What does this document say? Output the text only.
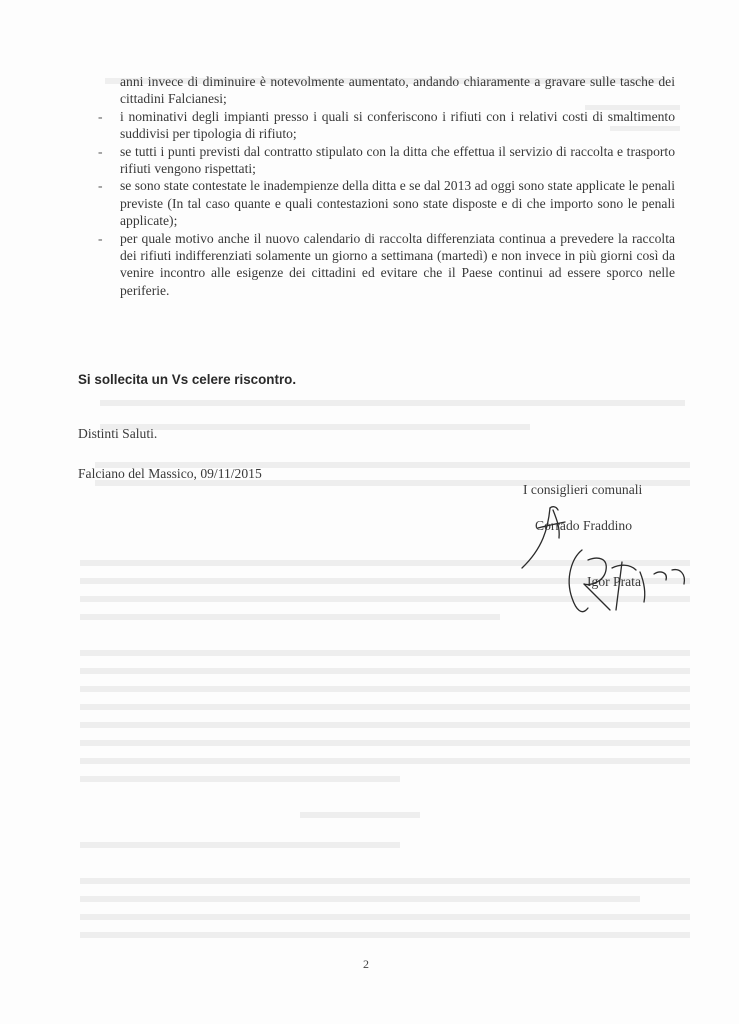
anni invece di diminuire è notevolmente aumentato, andando chiaramente a gravare sulle tasche dei cittadini Falcianesi;
- i nominativi degli impianti presso i quali si conferiscono i rifiuti con i relativi costi di smaltimento suddivisi per tipologia di rifiuto;
- se tutti i punti previsti dal contratto stipulato con la ditta che effettua il servizio di raccolta e trasporto rifiuti vengono rispettati;
- se sono state contestate le inadempienze della ditta e se dal 2013 ad oggi sono state applicate le penali previste (In tal caso quante e quali contestazioni sono state disposte e di che importo sono le penali applicate);
- per quale motivo anche il nuovo calendario di raccolta differenziata continua a prevedere la raccolta dei rifiuti indifferenziati solamente un giorno a settimana (martedì) e non invece in più giorni così da venire incontro alle esigenze dei cittadini ed evitare che il Paese continui ad essere sporco nelle periferie.
Si sollecita un Vs celere riscontro.
Distinti Saluti.
Falciano del Massico, 09/11/2015
I consiglieri comunali
Corrado Fraddino
Igor Prata
2
